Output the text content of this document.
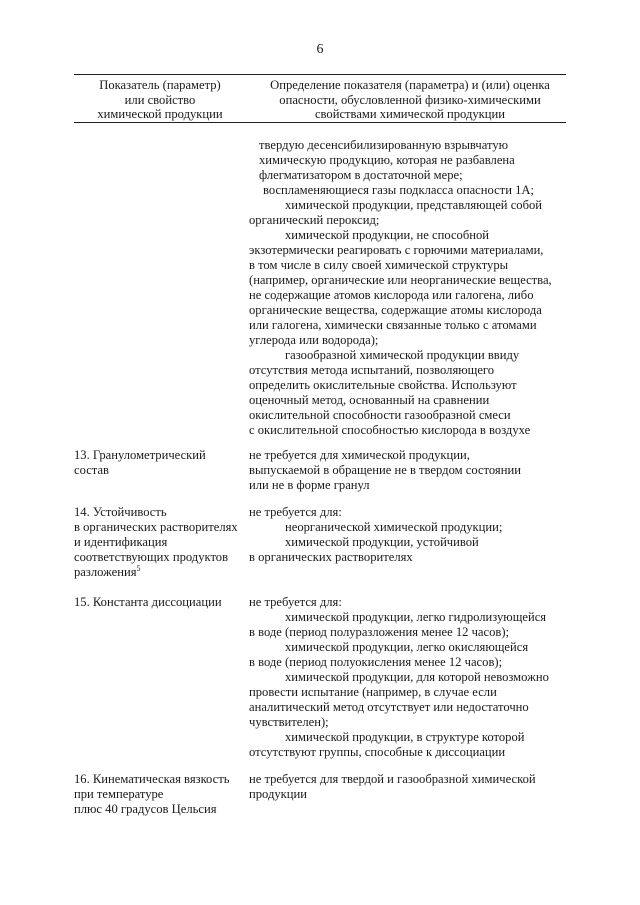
6
Показатель (параметр)
или свойство
химической продукции
Определение показателя (параметра) и (или) оценка
опасности, обусловленной физико-химическими
свойствами химической продукции
твердую десенсибилизированную взрывчатую
химическую продукцию, которая не разбавлена
флегматизатором в достаточной мере;
воспламеняющиеся газы подкласса опасности 1А;
химической продукции, представляющей собой
органический пероксид;
химической продукции, не способной
экзотермически реагировать с горючими материалами,
в том числе в силу своей химической структуры
(например, органические или неорганические вещества,
не содержащие атомов кислорода или галогена, либо
органические вещества, содержащие атомы кислорода
или галогена, химически связанные только с атомами
углерода или водорода);
газообразной химической продукции ввиду
отсутствия метода испытаний, позволяющего
определить окислительные свойства. Используют
оценочный метод, основанный на сравнении
окислительной способности газообразной смеси
с окислительной способностью кислорода в воздухе
13. Гранулометрический
состав
не требуется для химической продукции,
выпускаемой в обращение не в твердом состоянии
или не в форме гранул
14. Устойчивость
в органических растворителях
и идентификация
соответствующих продуктов
разложения$^5$
не требуется для:
неорганической химической продукции;
химической продукции, устойчивой
в органических растворителях
15. Константа диссоциации	не требуется для:
химической продукции, легко гидролизующейся
в воде (период полуразложения менее 12 часов);
химической продукции, легко окисляющейся
в воде (период полуокисления менее 12 часов);
химической продукции, для которой невозможно
провести испытание (например, в случае если
аналитический метод отсутствует или недостаточно
чувствителен);
химической продукции, в структуре которой
отсутствуют группы, способные к диссоциации
16. Кинематическая вязкость
при температуре
плюс 40 градусов Цельсия
не требуется для твердой и газообразной химической
продукции
